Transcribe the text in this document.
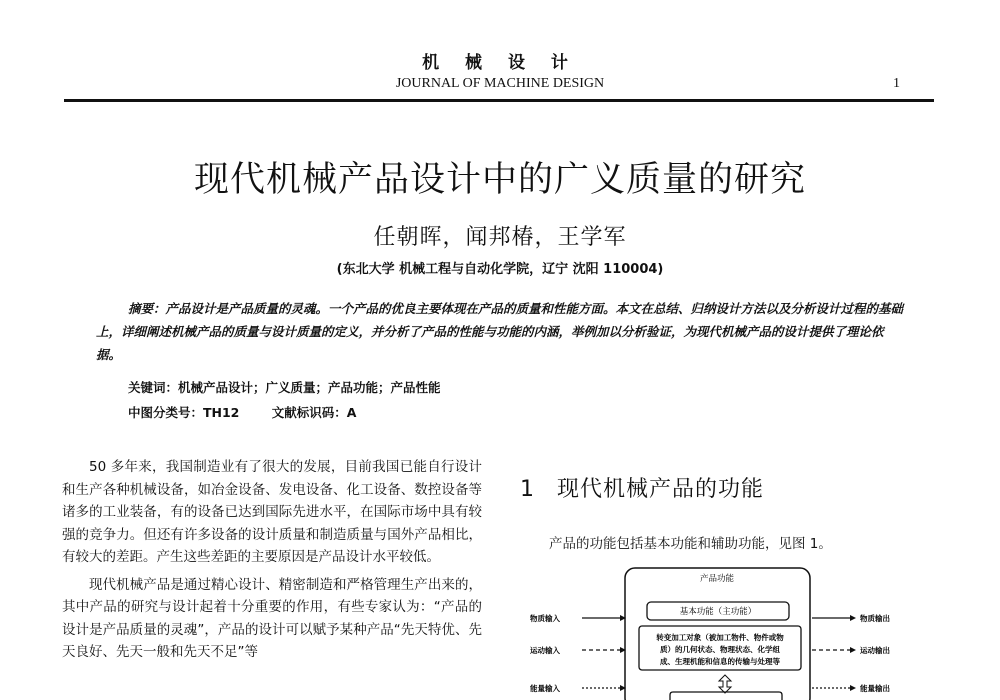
机 械 设 计
JOURNAL OF MACHINE DESIGN	1
现代机械产品设计中的广义质量的研究
任朝晖，闻邦椿，王学军
(东北大学 机械工程与自动化学院，辽宁 沈阳 110004)
摘要：产品设计是产品质量的灵魂。一个产品的优良主要体现在产品的质量和性能方面。本文在总结、归纳设计方法以及分析设计过程的基础上，详细阐述机械产品的质量与设计质量的定义，并分析了产品的性能与功能的内涵，举例加以分析验证，为现代机械产品的设计提供了理论依据。
关键词：机械产品设计；广义质量；产品功能；产品性能
中图分类号：TH12	文献标识码：A

50 多年来，我国制造业有了很大的发展，目前我国已能自行设计和生产各种机械设备，如冶金设备、发电设备、化工设备、数控设备等诸多的工业装备，有的设备已达到国际先进水平，在国际市场中具有较强的竞争力。但还有许多设备的设计质量和制造质量与国外产品相比，有较大的差距。产生这些差距的主要原因是产品设计水平较低。

现代机械产品是通过精心设计、精密制造和严格管理生产出来的，其中产品的研究与设计起着十分重要的作用，有些专家认为：“产品的设计是产品质量的灵魂”，产品的设计可以赋予某种产品“先天特优、先天良好、先天一般和先天不足”等

1 现代机械产品的功能
产品的功能包括基本功能和辅助功能，见图 1。
产品功能
基本功能（主功能）
转变加工对象（被加工物件、物件或物
质）的几何状态、物理状态、化学组
成、生理机能和信息的传输与处理等
物质输入
运动输入
能量输入
物质输出
运动输出
能量输出
